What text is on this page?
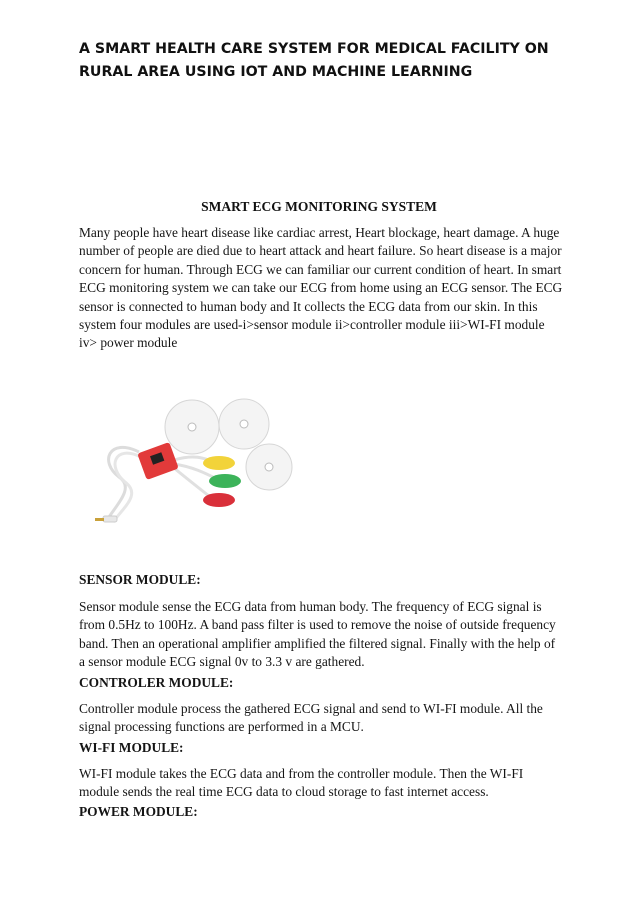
A SMART HEALTH CARE SYSTEM FOR MEDICAL FACILITY ON RURAL AREA USING IOT AND MACHINE LEARNING
SMART ECG MONITORING SYSTEM
Many people have heart disease like cardiac arrest, Heart blockage, heart damage. A huge number of people are died due to heart attack and heart failure. So heart disease is a major concern for human. Through ECG we can familiar our current condition of heart. In smart ECG monitoring system we can take our ECG from home using an ECG sensor. The ECG sensor is connected to human body and It collects the ECG data from our skin. In this system four modules are used-i>sensor module ii>controller module iii>WI-FI module iv> power module
SENSOR MODULE:
Sensor module sense the ECG data from human body. The frequency of ECG signal is from 0.5Hz to 100Hz. A band pass filter is used to remove the noise of outside frequency band. Then an operational amplifier amplified the filtered signal. Finally with the help of a sensor module ECG signal 0v to 3.3 v are gathered.
CONTROLER MODULE:
Controller module process the gathered ECG signal and send to WI-FI module. All the signal processing functions are performed in a MCU.
WI-FI MODULE:
WI-FI module takes the ECG data and from the controller module. Then the WI-FI module sends the real time ECG data to cloud storage to fast internet access.
POWER MODULE:
